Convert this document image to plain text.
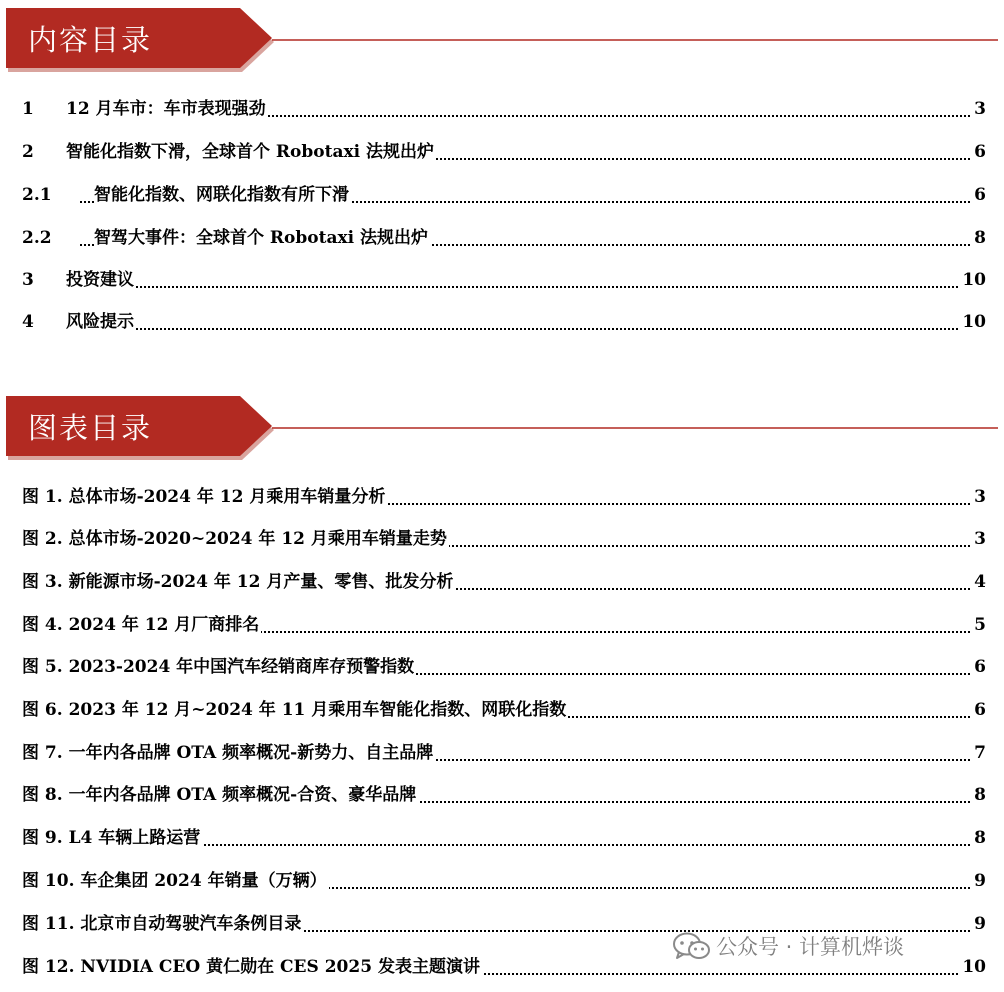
内容目录
1 12 月车市：车市表现强劲	3
2 智能化指数下滑，全球首个 Robotaxi 法规出炉	6
2.1 智能化指数、网联化指数有所下滑	6
2.2 智驾大事件：全球首个 Robotaxi 法规出炉	8
3 投资建议	10
4 风险提示	10
图表目录
图 1. 总体市场-2024 年 12 月乘用车销量分析	3
图 2. 总体市场-2020~2024 年 12 月乘用车销量走势	3
图 3. 新能源市场-2024 年 12 月产量、零售、批发分析	4
图 4. 2024 年 12 月厂商排名	5
图 5. 2023-2024 年中国汽车经销商库存预警指数	6
图 6. 2023 年 12 月~2024 年 11 月乘用车智能化指数、网联化指数	6
图 7. 一年内各品牌 OTA 频率概况-新势力、自主品牌	7
图 8. 一年内各品牌 OTA 频率概况-合资、豪华品牌	8
图 9. L4 车辆上路运营	8
图 10. 车企集团 2024 年销量（万辆）	9
图 11. 北京市自动驾驶汽车条例目录	9
图 12. NVIDIA CEO 黄仁勋在 CES 2025 发表主题演讲	10
公众号 · 计算机烨谈
